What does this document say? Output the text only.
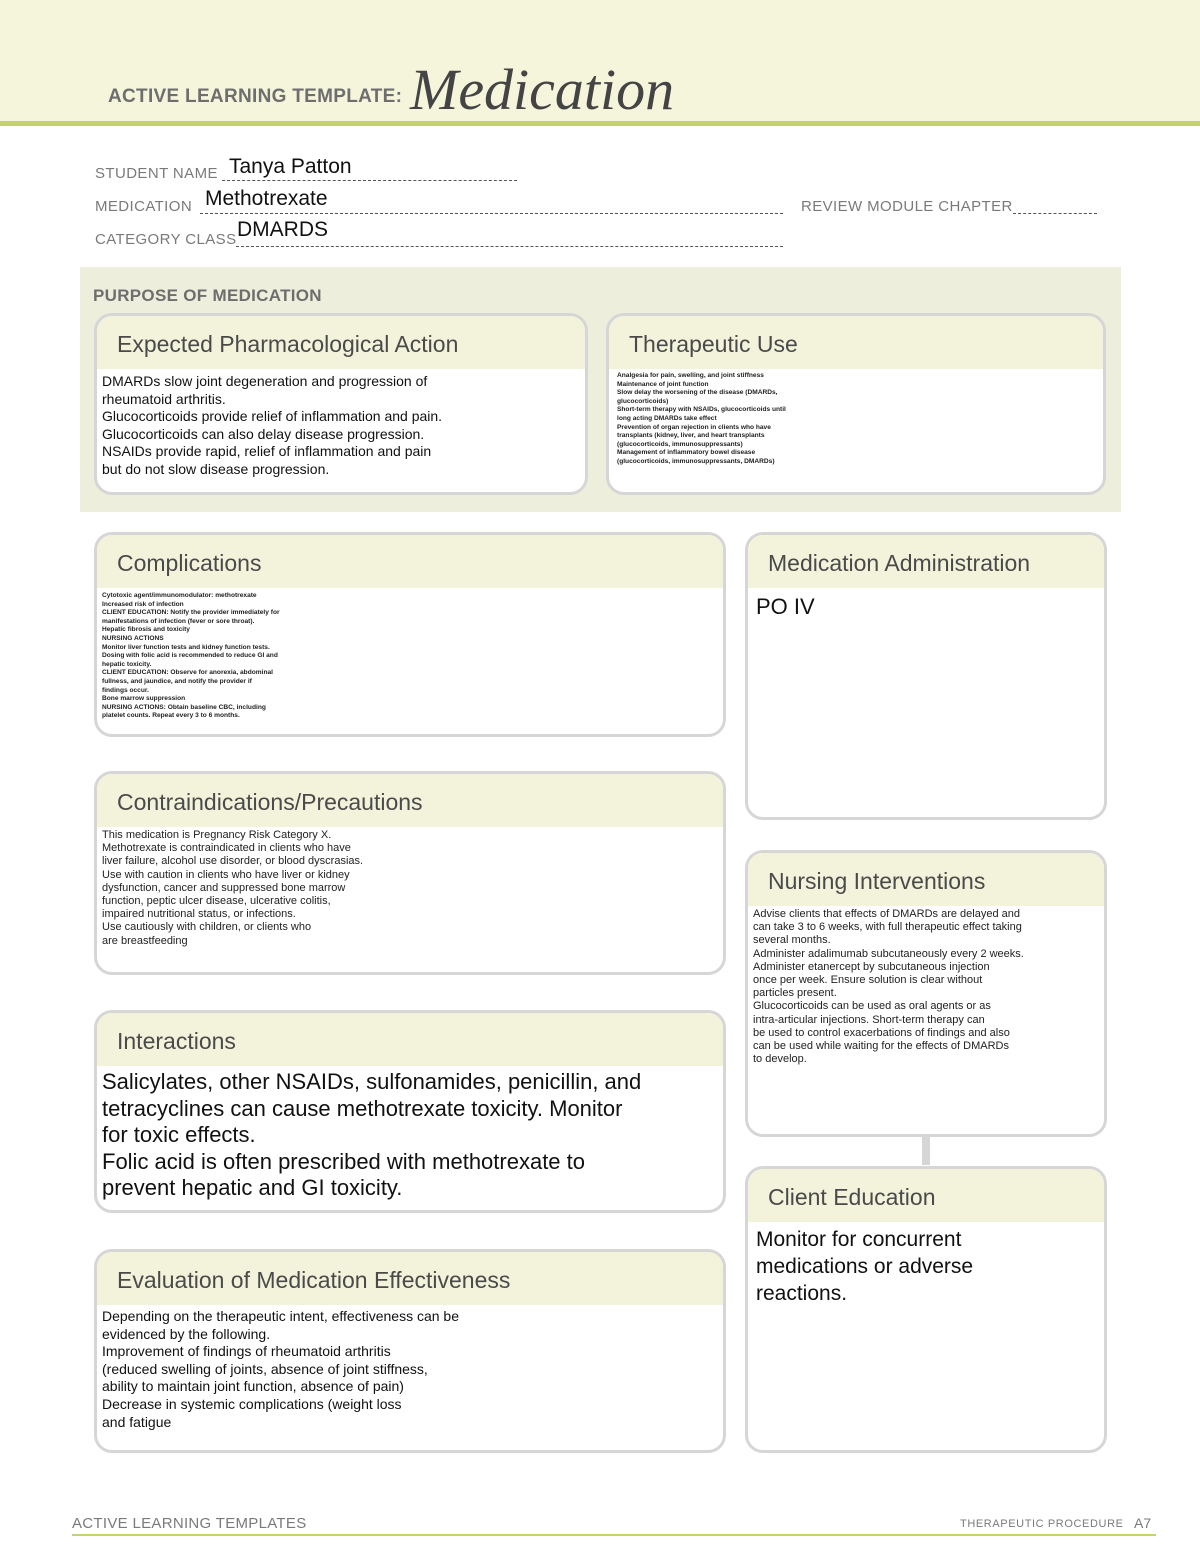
ACTIVE LEARNING TEMPLATE: Medication
STUDENT NAME Tanya Patton
MEDICATION Methotrexate	REVIEW MODULE CHAPTER
CATEGORY CLASS DMARDS
PURPOSE OF MEDICATION
Expected Pharmacological Action
DMARDs slow joint degeneration and progression of
rheumatoid arthritis.
Glucocorticoids provide relief of inflammation and pain.
Glucocorticoids can also delay disease progression.
NSAIDs provide rapid, relief of inflammation and pain
but do not slow disease progression.
Therapeutic Use
Analgesia for pain, swelling, and joint stiffness
Maintenance of joint function
Slow delay the worsening of the disease (DMARDs,
glucocorticoids)
Short-term therapy with NSAIDs, glucocorticoids until
long acting DMARDs take effect
Prevention of organ rejection in clients who have
transplants (kidney, liver, and heart transplants
(glucocorticoids, immunosuppressants)
Management of inflammatory bowel disease
(glucocorticoids, immunosuppressants, DMARDs)
Complications
Cytotoxic agent/immunomodulator: methotrexate
Increased risk of infection
CLIENT EDUCATION: Notify the provider immediately for
manifestations of infection (fever or sore throat).
Hepatic fibrosis and toxicity
NURSING ACTIONS
Monitor liver function tests and kidney function tests.
Dosing with folic acid is recommended to reduce GI and
hepatic toxicity.
CLIENT EDUCATION: Observe for anorexia, abdominal
fullness, and jaundice, and notify the provider if
findings occur.
Bone marrow suppression
NURSING ACTIONS: Obtain baseline CBC, including
platelet counts. Repeat every 3 to 6 months.
Medication Administration
PO IV
Contraindications/Precautions
This medication is Pregnancy Risk Category X.
Methotrexate is contraindicated in clients who have
liver failure, alcohol use disorder, or blood dyscrasias.
Use with caution in clients who have liver or kidney
dysfunction, cancer and suppressed bone marrow
function, peptic ulcer disease, ulcerative colitis,
impaired nutritional status, or infections.
Use cautiously with children, or clients who
are breastfeeding
Nursing Interventions
Advise clients that effects of DMARDs are delayed and
can take 3 to 6 weeks, with full therapeutic effect taking
several months.
Administer adalimumab subcutaneously every 2 weeks.
Administer etanercept by subcutaneous injection
once per week. Ensure solution is clear without
particles present.
Glucocorticoids can be used as oral agents or as
intra-articular injections. Short-term therapy can
be used to control exacerbations of findings and also
can be used while waiting for the effects of DMARDs
to develop.
Interactions
Salicylates, other NSAIDs, sulfonamides, penicillin, and
tetracyclines can cause methotrexate toxicity. Monitor
for toxic effects.
Folic acid is often prescribed with methotrexate to
prevent hepatic and GI toxicity.	Client Education
Monitor for concurrent
medications or adverse
reactions.
Evaluation of Medication Effectiveness
Depending on the therapeutic intent, effectiveness can be
evidenced by the following.
Improvement of findings of rheumatoid arthritis
(reduced swelling of joints, absence of joint stiffness,
ability to maintain joint function, absence of pain)
Decrease in systemic complications (weight loss
and fatigue
ACTIVE LEARNING TEMPLATES	THERAPEUTIC PROCEDURE A7
